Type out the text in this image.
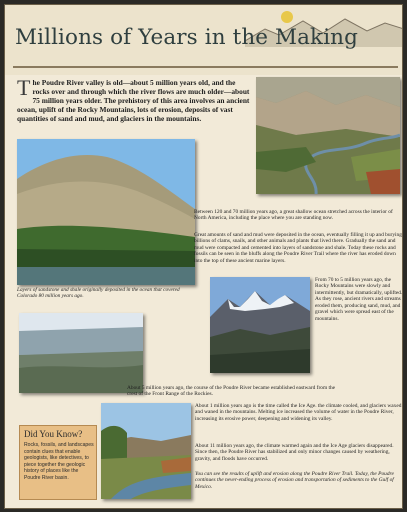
Millions of Years in the Making
The Poudre River valley is old—about 5 million years old, and the rocks over and through which the river flows are much older—about 75 million years older. The prehistory of this area involves an ancient ocean, uplift of the Rocky Mountains, lots of erosion, deposits of vast quantities of sand and mud, and glaciers in the mountains.
Layers of sandstone and shale originally deposited in the ocean that covered Colorado 80 million years ago.
Between 120 and 70 million years ago, a great shallow ocean stretched across the interior of North America, including the place where you are standing now.
Great amounts of sand and mud were deposited in the ocean, eventually filling it up and burying billions of clams, snails, and other animals and plants that lived there. Gradually the sand and mud were compacted and cemented into layers of sandstone and shale. Today these rocks and fossils can be seen in the bluffs along the Poudre River Trail where the river has eroded down into the top of these ancient marine layers.
From 70 to 5 million years ago, the Rocky Mountains were slowly and intermittently, but dramatically, uplifted. As they rose, ancient rivers and streams eroded them, producing sand, mud, and gravel which were spread east of the mountains.
About 5 million years ago, the course of the Poudre River became established eastward from the crest of the Front Range of the Rockies.
About 1 million years ago is the time called the Ice Age. the climate cooled, and glaciers waxed and waned in the mountains. Melting ice increased the volume of water in the Poudre River, increasing its erosive power, deepening and widening its valley.
About 11 million years ago, the climate warmed again and the Ice Age glaciers disappeared. Since then, the Poudre River has stabilized and only minor changes caused by weathering, gravity, and floods have occurred.
You can see the results of uplift and erosion along the Poudre River Trail. Today, the Poudre continues the never-ending process of erosion and transportation of sediments to the Gulf of Mexico.
Did You Know?
Rocks, fossils, and landscapes contain clues that enable geologists, like detectives, to piece together the geologic history of places like the Poudre River basin.
